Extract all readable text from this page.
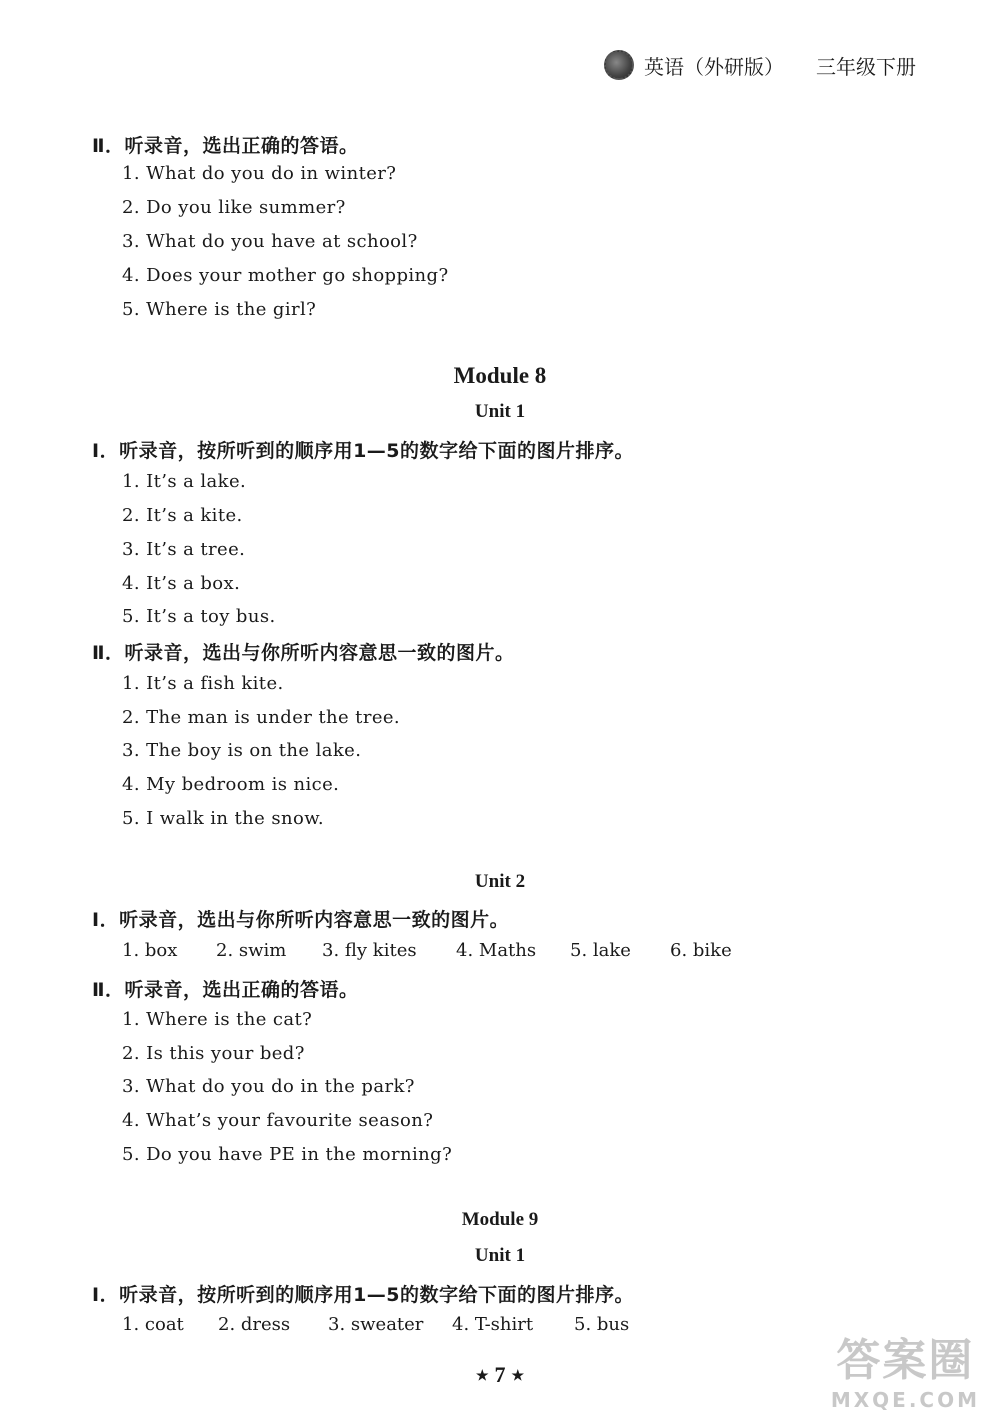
英语（外研版） 三年级下册
Ⅱ．听录音，选出正确的答语。
1. What do you do in winter?
2. Do you like summer?
3. What do you have at school?
4. Does your mother go shopping?
5. Where is the girl?
Module 8
Unit 1
Ⅰ．听录音，按所听到的顺序用1—5的数字给下面的图片排序。
1. It’s a lake.
2. It’s a kite.
3. It’s a tree.
4. It’s a box.
5. It’s a toy bus.
Ⅱ．听录音，选出与你所听内容意思一致的图片。
1. It’s a fish kite.
2. The man is under the tree.
3. The boy is on the lake.
4. My bedroom is nice.
5. I walk in the snow.
Unit 2
Ⅰ．听录音，选出与你所听内容意思一致的图片。
1. box	2. swim	3. fly kites	4. Maths	5. lake	6. bike
Ⅱ．听录音，选出正确的答语。
1. Where is the cat?
2. Is this your bed?
3. What do you do in the park?
4. What’s your favourite season?
5. Do you have PE in the morning?
Module 9
Unit 1
Ⅰ．听录音，按所听到的顺序用1—5的数字给下面的图片排序。
1. coat	2. dress	3. sweater	4. T-shirt	5. bus
★ 7 ★	答案圈
MXQE.COM
